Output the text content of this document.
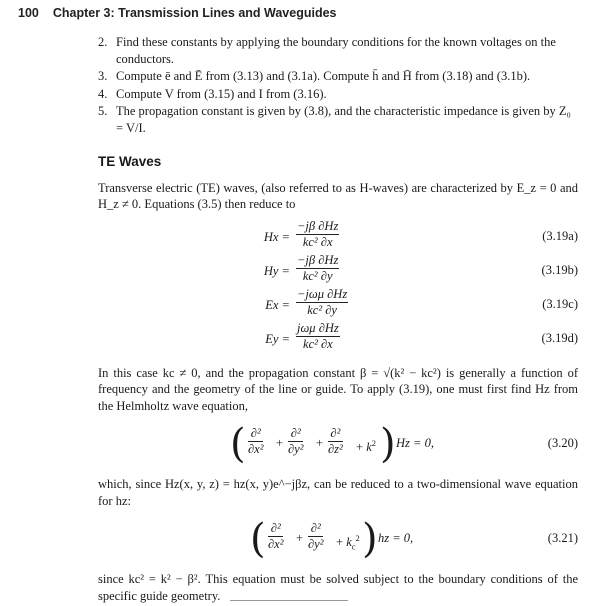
100 Chapter 3: Transmission Lines and Waveguides
2. Find these constants by applying the boundary conditions for the known voltages on the conductors.
3. Compute ē and Ē from (3.13) and (3.1a). Compute h̄ and H̄ from (3.18) and (3.1b).
4. Compute V from (3.15) and I from (3.16).
5. The propagation constant is given by (3.8), and the characteristic impedance is given by Z₀ = V/I.
TE Waves

Transverse electric (TE) waves, (also referred to as H-waves) are characterized by E_z = 0 and H_z ≠ 0. Equations (3.5) then reduce to

$Hx = \frac{-j\beta \partial Hz}{\text{kc² ∂x}}$	(3.19a)
$Hy = \frac{-j\beta \partial Hz}{\text{kc² ∂y}}$	(3.19b)
Ex =
−jωμ ∂Hz
kc² ∂y	(3.19c)
Ey =
jωμ ∂Hz
kc² ∂x	(3.19d)

In this case kc ≠ 0, and the propagation constant β = √(k² − kc²) is generally a function of frequency and the geometry of the line or guide. To apply (3.19), one must first find Hz from the Helmholtz wave equation,

( ∂²
∂x² +
∂²
∂y² +
∂²
$\partial z^2 + k^2$ ) Hz = 0,	(3.20)

which, since Hz(x, y, z) = hz(x, y)e^−jβz, can be reduced to a two-dimensional wave equation for hz:

( ∂²
∂x² +
∂²
$\partial y^2 + k_c^2$ ) hz = 0,	(3.21)

since kc² = k² − β². This equation must be solved subject to the boundary conditions of the specific guide geometry.
